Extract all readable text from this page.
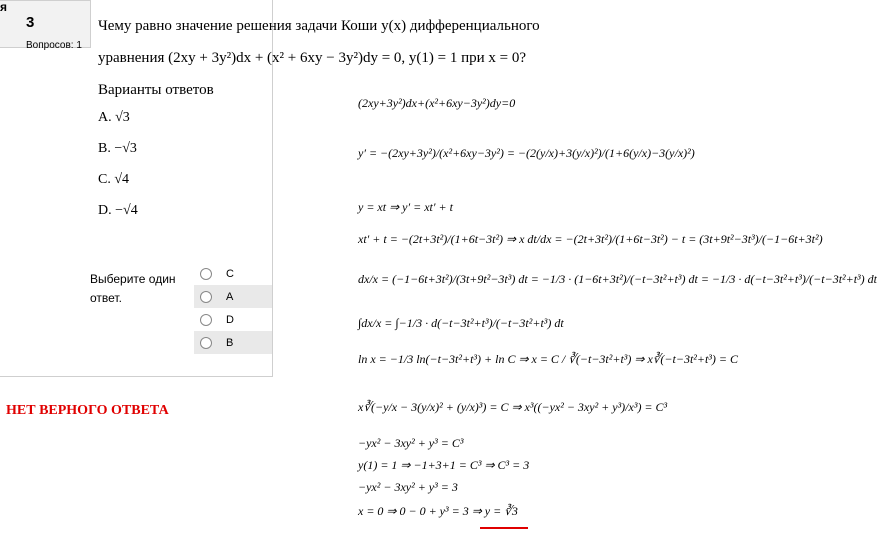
я
3
Вопросов: 1
Чему равно значение решения задачи Коши y(x) дифференциального
уравнения (2xy + 3y²)dx + (x² + 6xy − 3y²)dy = 0, y(1) = 1 при x = 0?
Варианты ответов
A. √3
B. −√3
C. √4
D. −√4
Выберите один ответ.
C
A
D
B
НЕТ ВЕРНОГО ОТВЕТА
(2xy+3y²)dx+(x²+6xy−3y²)dy=0
y′ = −(2xy+3y²)/(x²+6xy−3y²) = −(2(y/x)+3(y/x)²)/(1+6(y/x)−3(y/x)²)
y = xt ⇒ y′ = xt′ + t
xt′ + t = −(2t+3t²)/(1+6t−3t²) ⇒ x dt/dx = −(2t+3t²)/(1+6t−3t²) − t = (3t+9t²−3t³)/(−1−6t+3t²)
dx/x = (−1−6t+3t²)/(3t+9t²−3t³) dt = −1/3 · (1−6t+3t²)/(−t−3t²+t³) dt = −1/3 · d(−t−3t²+t³)/(−t−3t²+t³) dt
∫dx/x = ∫−1/3 · d(−t−3t²+t³)/(−t−3t²+t³) dt
ln x = −1/3 ln(−t−3t²+t³) + ln C ⇒ x = C / ∛(−t−3t²+t³) ⇒ x∛(−t−3t²+t³) = C
x∛(−y/x − 3(y/x)² + (y/x)³) = C ⇒ x³((−yx² − 3xy² + y³)/x³) = C³
−yx² − 3xy² + y³ = C³
y(1) = 1 ⇒ −1+3+1 = C³ ⇒ C³ = 3
−yx² − 3xy² + y³ = 3
x = 0 ⇒ 0 − 0 + y³ = 3 ⇒ y = ∛3
